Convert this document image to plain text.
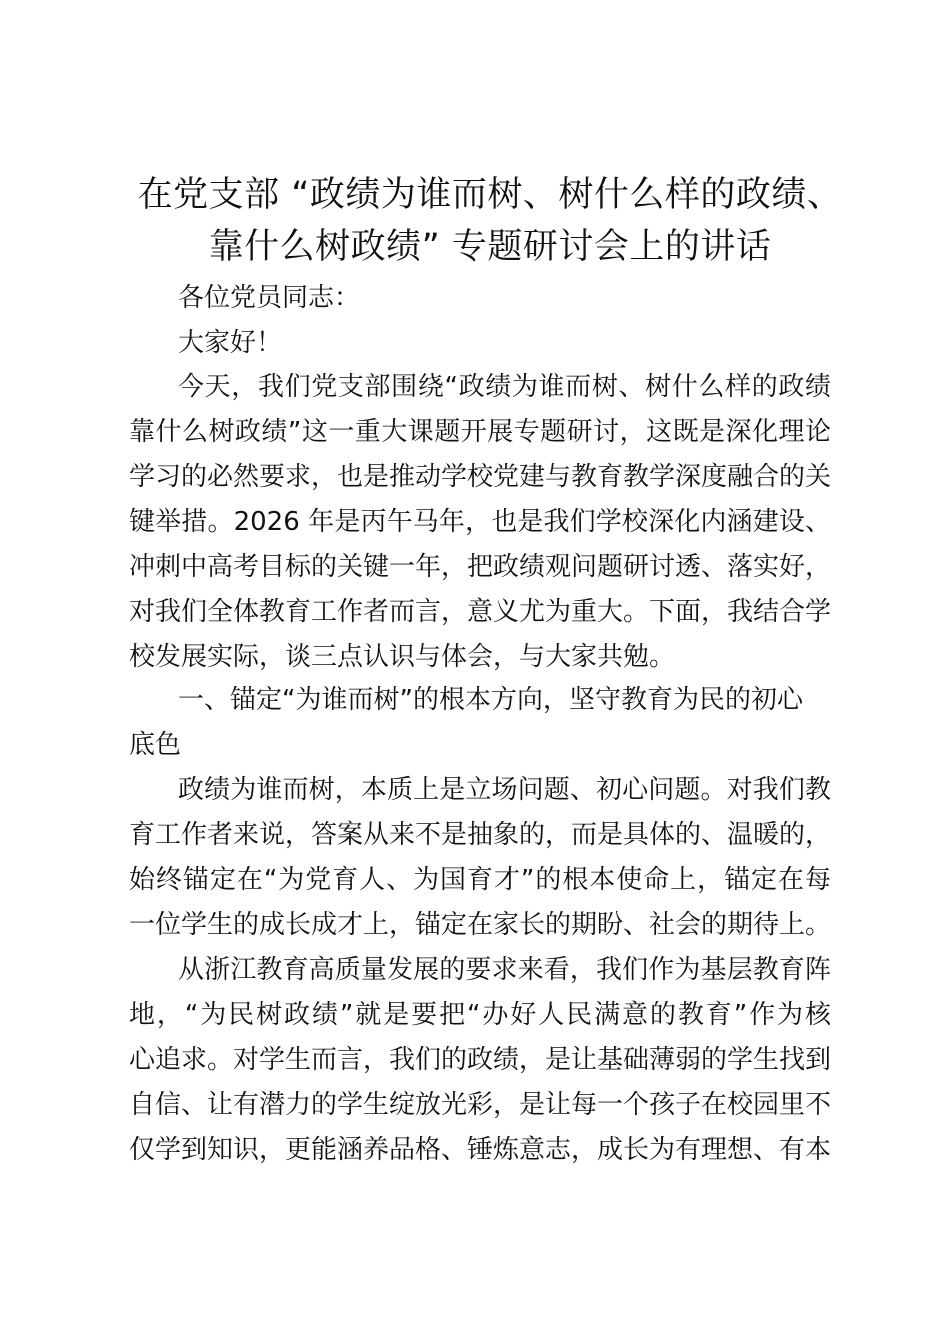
在党支部 “政绩为谁而树、树什么样的政绩、
靠什么树政绩” 专题研讨会上的讲话
各位党员同志：
大家好！
今天，我们党支部围绕“政绩为谁而树、树什么样的政绩
靠什么树政绩”这一重大课题开展专题研讨，这既是深化理论
学习的必然要求，也是推动学校党建与教育教学深度融合的关
键举措。2026 年是丙午马年，也是我们学校深化内涵建设、
冲刺中高考目标的关键一年，把政绩观问题研讨透、落实好，
对我们全体教育工作者而言，意义尤为重大。下面，我结合学
校发展实际，谈三点认识与体会，与大家共勉。
一、锚定“为谁而树”的根本方向，坚守教育为民的初心
底色
政绩为谁而树，本质上是立场问题、初心问题。对我们教
育工作者来说，答案从来不是抽象的，而是具体的、温暖的，
始终锚定在“为党育人、为国育才”的根本使命上，锚定在每
一位学生的成长成才上，锚定在家长的期盼、社会的期待上。
从浙江教育高质量发展的要求来看，我们作为基层教育阵
地，“为民树政绩”就是要把“办好人民满意的教育”作为核
心追求。对学生而言，我们的政绩，是让基础薄弱的学生找到
自信、让有潜力的学生绽放光彩，是让每一个孩子在校园里不
仅学到知识，更能涵养品格、锤炼意志，成长为有理想、有本
